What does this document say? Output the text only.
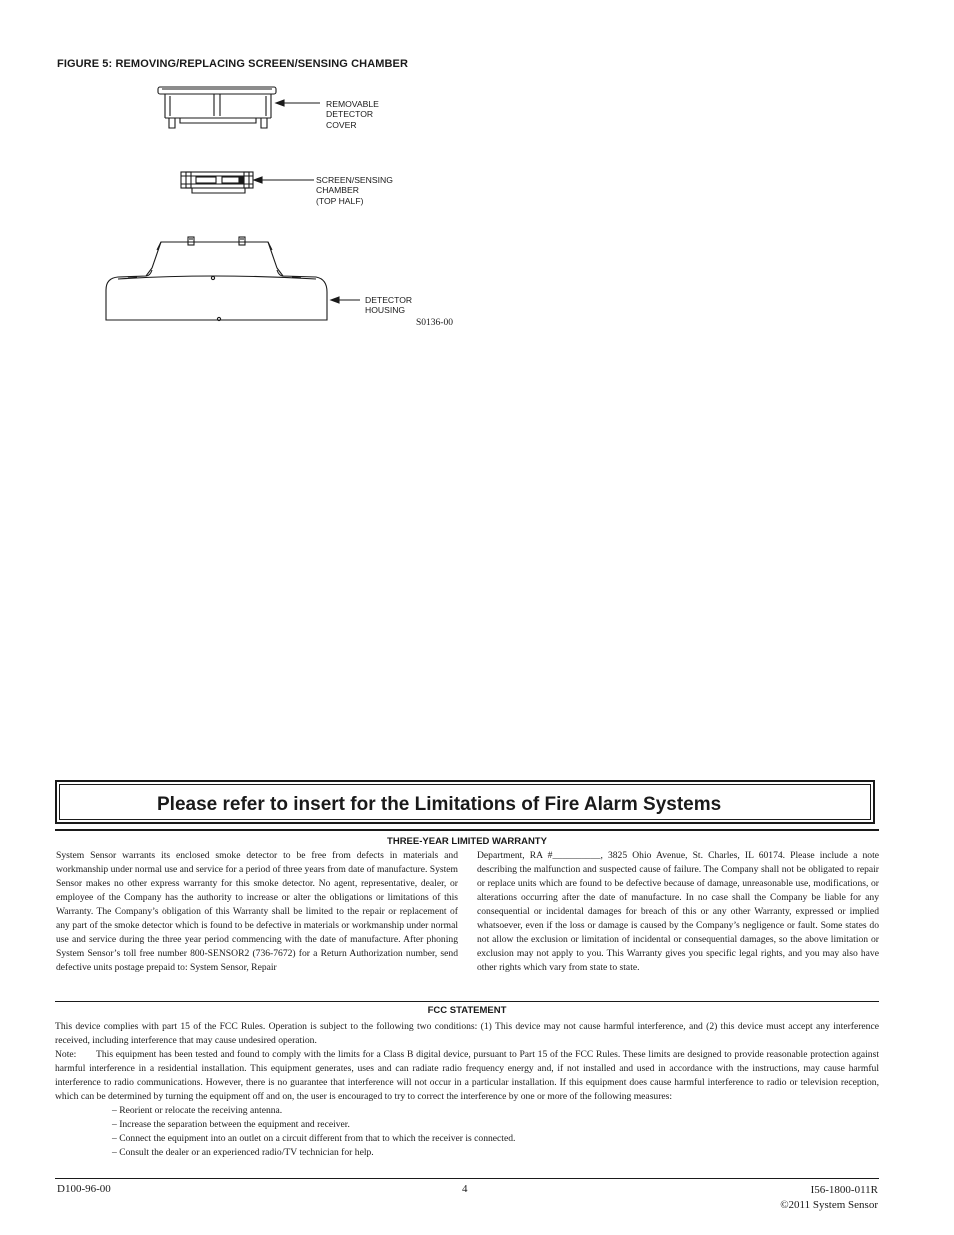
FIGURE 5: REMOVING/REPLACING SCREEN/SENSING CHAMBER
REMOVABLE
DETECTOR
COVER
SCREEN/SENSING
CHAMBER
(TOP HALF)
DETECTOR
HOUSING
S0136-00
Please refer to insert for the Limitations of Fire Alarm Systems
THREE-YEAR LIMITED WARRANTY

System Sensor warrants its enclosed smoke detector to be free from defects in materials and workmanship under normal use and service for a period of three years from date of manufacture. System Sensor makes no other express warranty for this smoke detector. No agent, representative, dealer, or employee of the Company has the authority to increase or alter the obligations or limitations of this Warranty. The Company’s obligation of this Warranty shall be limited to the repair or replacement of any part of the smoke detector which is found to be defective in materials or workmanship under normal use and service during the three year period commencing with the date of manufacture. After phoning System Sensor’s toll free number 800-SENSOR2 (736-7672) for a Return Authorization number, send defective units postage prepaid to: System Sensor, Repair

Department, RA #__________, 3825 Ohio Avenue, St. Charles, IL 60174. Please include a note describing the malfunction and suspected cause of failure. The Company shall not be obligated to repair or replace units which are found to be defective because of damage, unreasonable use, modifications, or alterations occurring after the date of manufacture. In no case shall the Company be liable for any consequential or incidental damages for breach of this or any other Warranty, expressed or implied whatsoever, even if the loss or damage is caused by the Company’s negligence or fault. Some states do not allow the exclusion or limitation of incidental or consequential damages, so the above limitation or exclusion may not apply to you. This Warranty gives you specific legal rights, and you may also have other rights which vary from state to state.

FCC STATEMENT

This device complies with part 15 of the FCC Rules. Operation is subject to the following two conditions: (1) This device may not cause harmful interference, and (2) this device must accept any interference received, including interference that may cause undesired operation.

Note: This equipment has been tested and found to comply with the limits for a Class B digital device, pursuant to Part 15 of the FCC Rules. These limits are designed to provide reasonable protection against harmful interference in a residential installation. This equipment generates, uses and can radiate radio frequency energy and, if not installed and used in accordance with the instructions, may cause harmful interference to radio communications. However, there is no guarantee that interference will not occur in a particular installation. If this equipment does cause harmful interference to radio or television reception, which can be determined by turning the equipment off and on, the user is encouraged to try to correct the interference by one or more of the following measures:

– Reorient or relocate the receiving antenna.
– Increase the separation between the equipment and receiver.
– Connect the equipment into an outlet on a circuit different from that to which the receiver is connected.
– Consult the dealer or an experienced radio/TV technician for help.
D100-96-00	4	I56-1800-011R
©2011 System Sensor
